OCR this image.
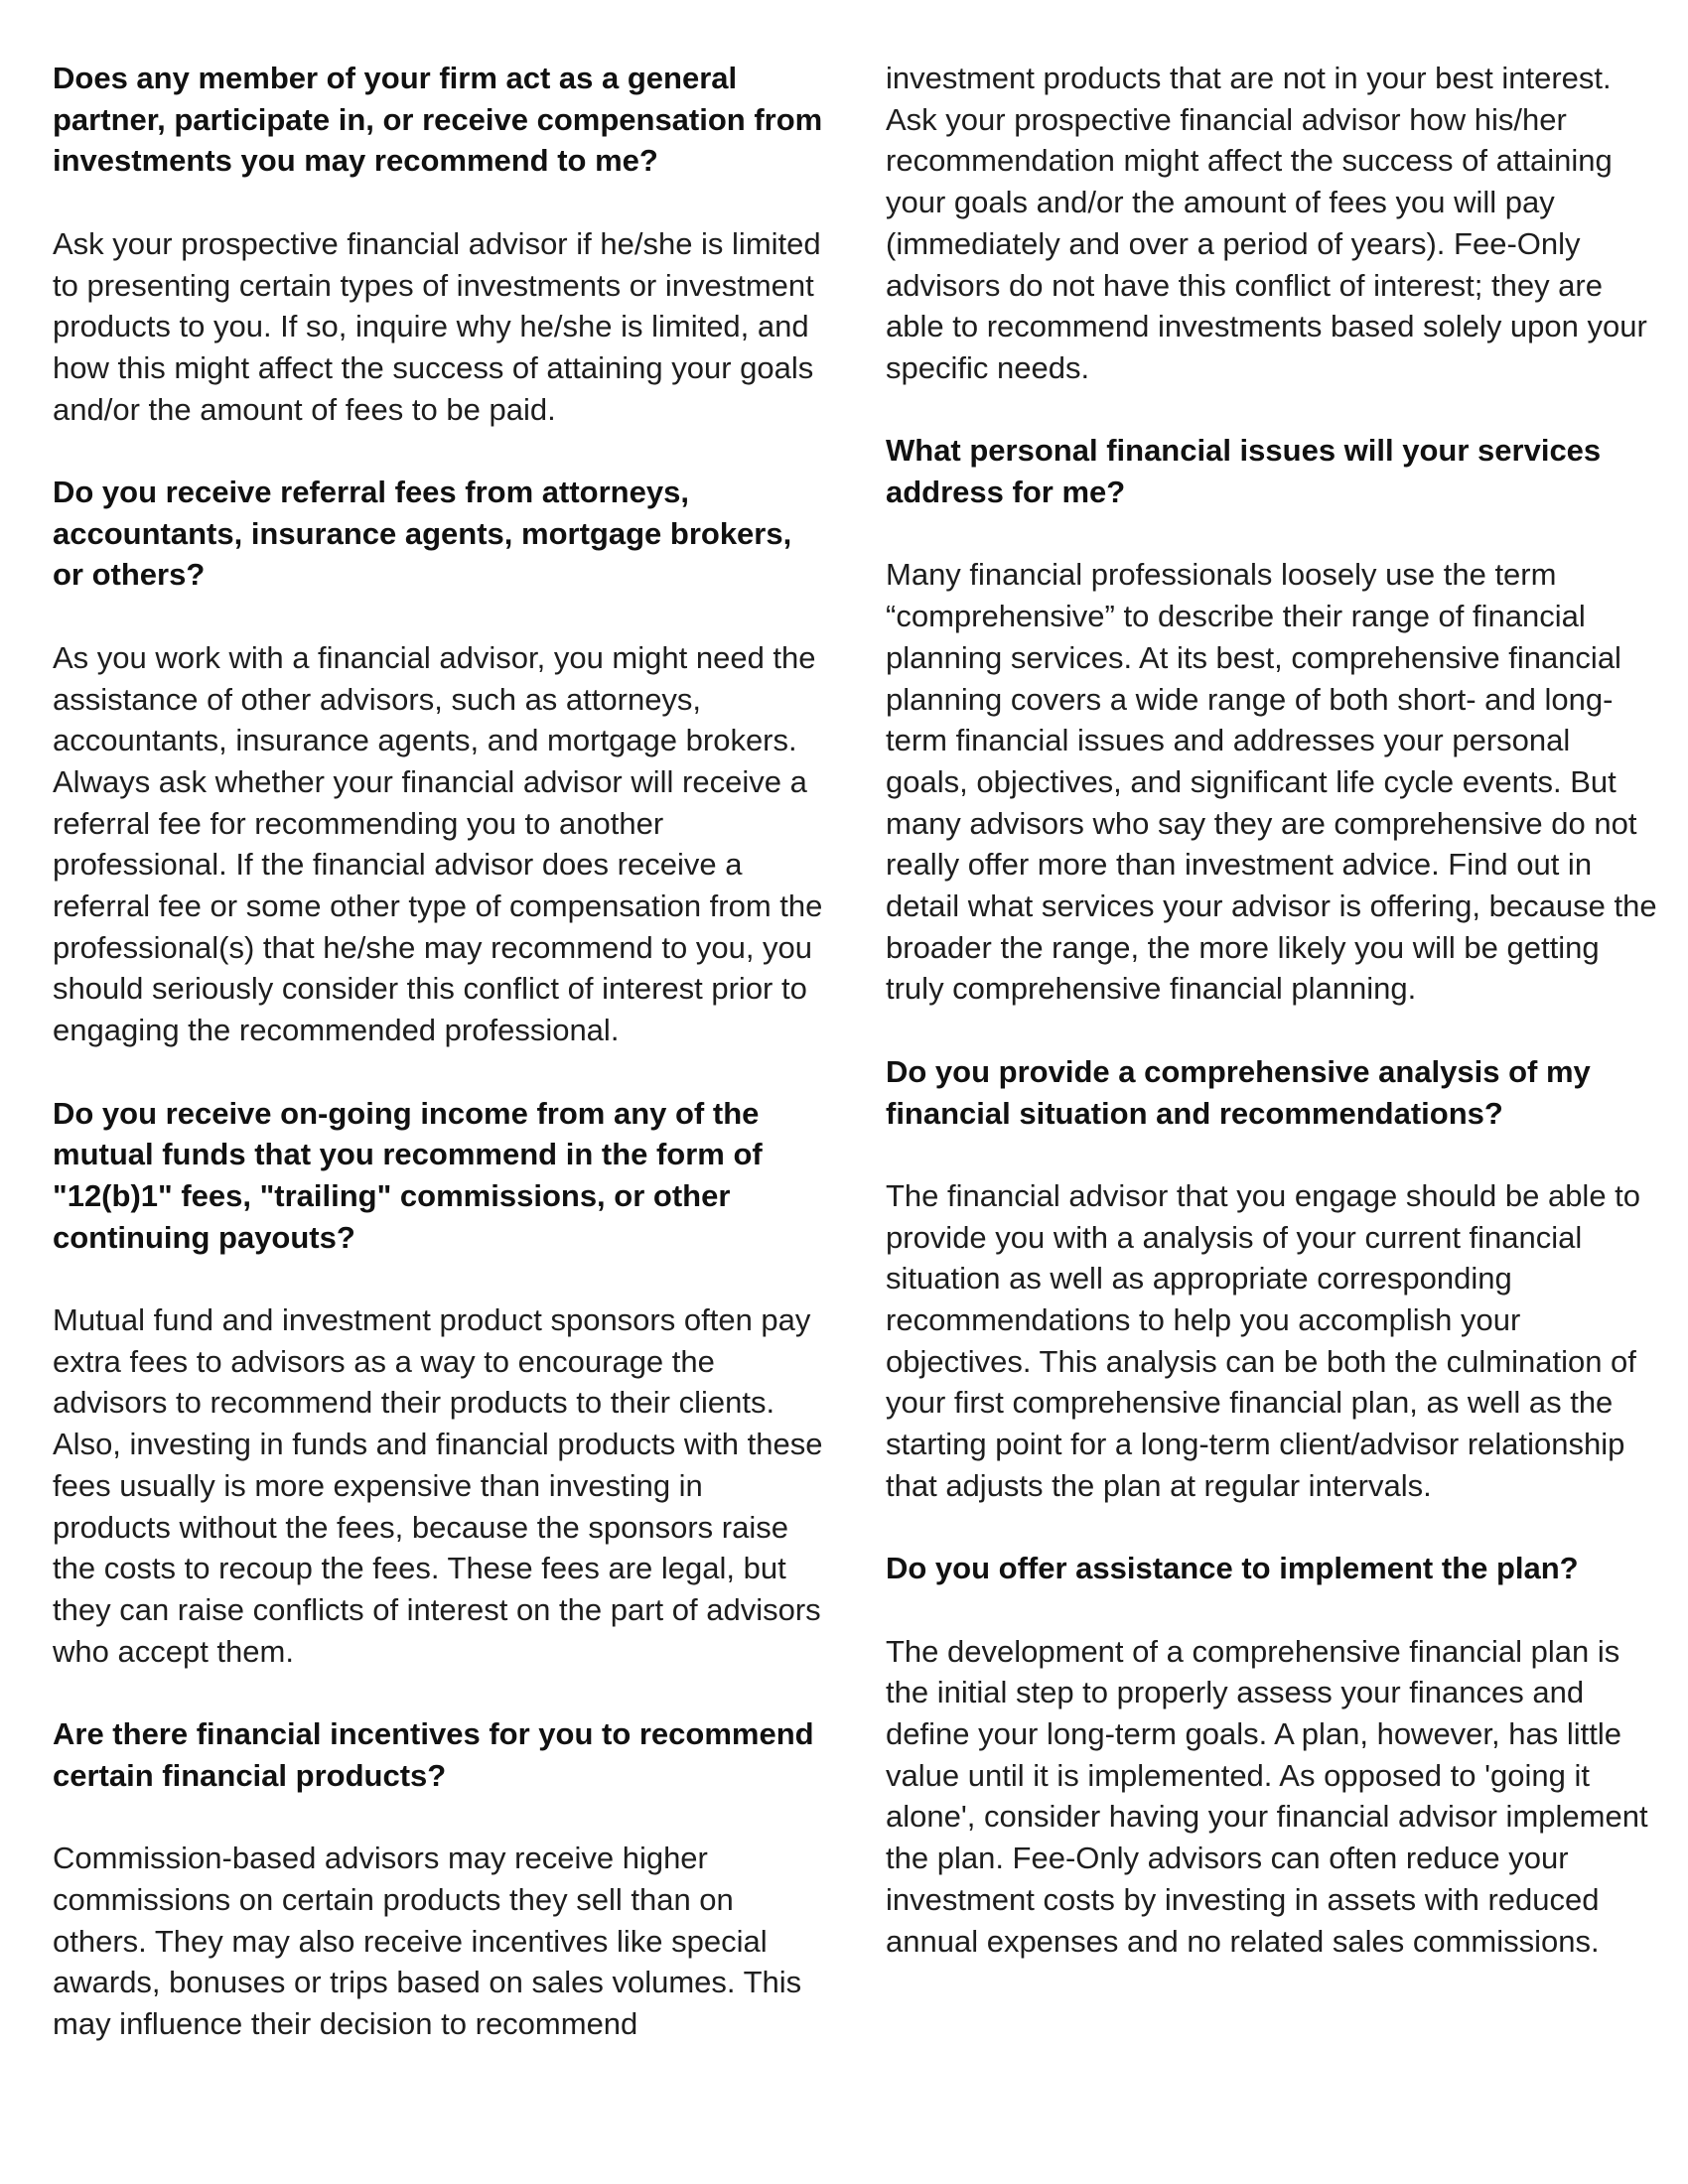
Does any member of your firm act as a general partner, participate in, or receive compensation from investments you may recommend to me?
Ask your prospective financial advisor if he/she is limited to presenting certain types of investments or investment products to you. If so, inquire why he/she is limited, and how this might affect the success of attaining your goals and/or the amount of fees to be paid.
Do you receive referral fees from attorneys, accountants, insurance agents, mortgage brokers, or others?
As you work with a financial advisor, you might need the assistance of other advisors, such as attorneys, accountants, insurance agents, and mortgage brokers. Always ask whether your financial advisor will receive a referral fee for recommending you to another professional. If the financial advisor does receive a referral fee or some other type of compensation from the professional(s) that he/she may recommend to you, you should seriously consider this conflict of interest prior to engaging the recommended professional.
Do you receive on-going income from any of the mutual funds that you recommend in the form of "12(b)1" fees, "trailing" commissions, or other continuing payouts?
Mutual fund and investment product sponsors often pay extra fees to advisors as a way to encourage the advisors to recommend their products to their clients. Also, investing in funds and financial products with these fees usually is more expensive than investing in products without the fees, because the sponsors raise the costs to recoup the fees. These fees are legal, but they can raise conflicts of interest on the part of advisors who accept them.
Are there financial incentives for you to recommend certain financial products?
Commission-based advisors may receive higher commissions on certain products they sell than on others. They may also receive incentives like special awards, bonuses or trips based on sales volumes. This may influence their decision to recommend
investment products that are not in your best interest. Ask your prospective financial advisor how his/her recommendation might affect the success of attaining your goals and/or the amount of fees you will pay (immediately and over a period of years). Fee-Only advisors do not have this conflict of interest; they are able to recommend investments based solely upon your specific needs.
What personal financial issues will your services address for me?
Many financial professionals loosely use the term “comprehensive” to describe their range of financial planning services. At its best, comprehensive financial planning covers a wide range of both short- and long-term financial issues and addresses your personal goals, objectives, and significant life cycle events. But many advisors who say they are comprehensive do not really offer more than investment advice. Find out in detail what services your advisor is offering, because the broader the range, the more likely you will be getting truly comprehensive financial planning.
Do you provide a comprehensive analysis of my financial situation and recommendations?
The financial advisor that you engage should be able to provide you with a analysis of your current financial situation as well as appropriate corresponding recommendations to help you accomplish your objectives. This analysis can be both the culmination of your first comprehensive financial plan, as well as the starting point for a long-term client/advisor relationship that adjusts the plan at regular intervals.
Do you offer assistance to implement the plan?
The development of a comprehensive financial plan is the initial step to properly assess your finances and define your long-term goals. A plan, however, has little value until it is implemented. As opposed to 'going it alone', consider having your financial advisor implement the plan. Fee-Only advisors can often reduce your investment costs by investing in assets with reduced annual expenses and no related sales commissions.
